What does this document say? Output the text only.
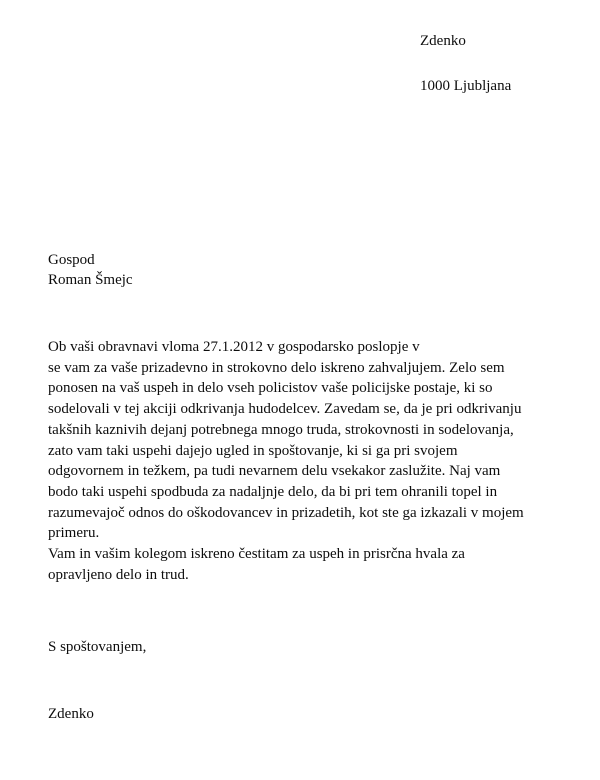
Zdenko
1000 Ljubljana
Gospod
Roman Šmejc
Ob vaši obravnavi vloma 27.1.2012 v gospodarsko poslopje v
se vam za vaše prizadevno in strokovno delo iskreno zahvaljujem. Zelo sem
ponosen na vaš uspeh in delo vseh policistov vaše policijske postaje, ki so
sodelovali v tej akciji odkrivanja hudodelcev. Zavedam se, da je pri odkrivanju
takšnih kaznivih dejanj potrebnega mnogo truda, strokovnosti in sodelovanja,
zato vam taki uspehi dajejo ugled in spoštovanje, ki si ga pri svojem
odgovornem in težkem, pa tudi nevarnem delu vsekakor zaslužite. Naj vam
bodo taki uspehi spodbuda za nadaljnje delo, da bi pri tem ohranili topel in
razumevajoč odnos do oškodovancev in prizadetih, kot ste ga izkazali v mojem
primeru.
Vam in vašim kolegom iskreno čestitam za uspeh in prisrčna hvala za
opravljeno delo in trud.
S spoštovanjem,
Zdenko
